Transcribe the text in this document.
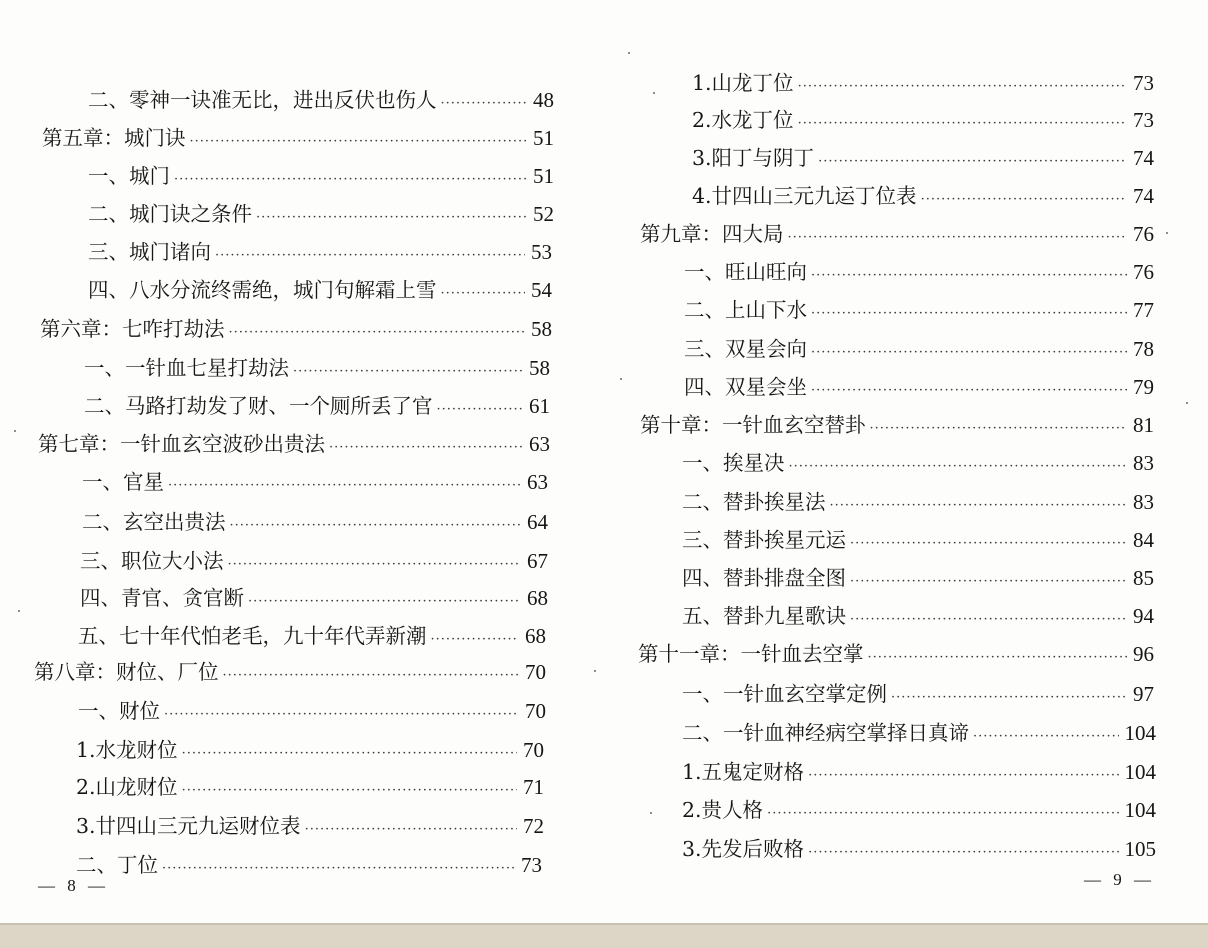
二、零神一诀准无比，进出反伏也伤人 ·····	48
第五章：城门诀 ·····	51
一、城门 ·····	51
二、城门诀之条件 ·····	52
三、城门诸向 ·····	53
四、八水分流终需绝，城门句解霜上雪 ·····	54
第六章：七咋打劫法 ·····	58
一、一针血七星打劫法 ·····	58
二、马路打劫发了财、一个厕所丢了官 ·····	61
第七章：一针血玄空波砂出贵法 ·····	63
一、官星 ·····	63
二、玄空出贵法 ·····	64
三、职位大小法 ·····	67
四、青官、贪官断 ·····	68
五、七十年代怕老毛，九十年代弄新潮 ·····	68
第八章：财位、厂位 ·····	70
一、财位 ·····	70
1.水龙财位 ·····	70
2.山龙财位 ·····	71
3.廿四山三元九运财位表 ·····	72
二、丁位 ·····	73
— 8 —
1.山龙丁位 ·····	73
2.水龙丁位 ·····	73
3.阳丁与阴丁 ·····	74
4.廿四山三元九运丁位表 ·····	74
第九章：四大局 ·····	76
一、旺山旺向 ·····	76
二、上山下水 ·····	77
三、双星会向 ·····	78
四、双星会坐 ·····	79
第十章：一针血玄空替卦 ·····	81
一、挨星决 ·····	83
二、替卦挨星法 ·····	83
三、替卦挨星元运 ·····	84
四、替卦排盘全图 ·····	85
五、替卦九星歌诀 ·····	94
第十一章：一针血去空掌 ·····	96
一、一针血玄空掌定例 ·····	97
二、一针血神经病空掌择日真谛 ·····	104
1.五鬼定财格 ·····	104
2.贵人格 ·····	104
3.先发后败格 ·····	105
— 9 —
